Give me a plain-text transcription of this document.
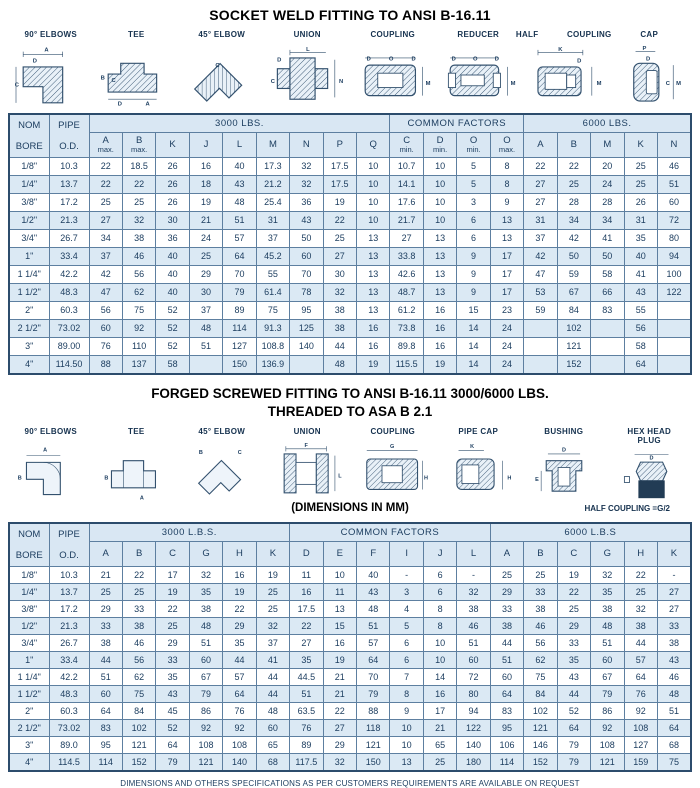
SOCKET WELD FITTING TO ANSI B-16.11
90° ELBOWS
A
D
C
TEE
B C
D	A
45° ELBOW
C
UNION
L
D
C	N
COUPLING
D	O	D
M
REDUCER
D	O	D
M
HALF COUPLING
K
D
M
CAP
P
D
C M
NOM
BORE	PIPE
O.D.	3000 LBS.									COMMON FACTORS				6000 LBS.				
		A
max.	B
max.	K	J	L	M	N	P	Q	C
min.	D
min.	O
min.	O
max.	A	B	M	K	N
1/8"	10.3	22	18.5	26	16	40	17.3	32	17.5	10	10.7	10	5	8	22	22	20	25	46
1/4"	13.7	22	22	26	18	43	21.2	32	17.5	10	14.1	10	5	8	27	25	24	25	51
3/8"	17.2	25	25	26	19	48	25.4	36	19	10	17.6	10	3	9	27	28	28	26	60
1/2"	21.3	27	32	30	21	51	31	43	22	10	21.7	10	6	13	31	34	34	31	72
3/4"	26.7	34	38	36	24	57	37	50	25	13	27	13	6	13	37	42	41	35	80
1"	33.4	37	46	40	25	64	45.2	60	27	13	33.8	13	9	17	42	50	50	40	94
1 1/4"	42.2	42	56	40	29	70	55	70	30	13	42.6	13	9	17	47	59	58	41	100
1 1/2"	48.3	47	62	40	30	79	61.4	78	32	13	48.7	13	9	17	53	67	66	43	122
2"	60.3	56	75	52	37	89	75	95	38	13	61.2	16	15	23	59	84	83	55	
2 1/2"	73.02	60	92	52	48	114	91.3	125	38	16	73.8	16	14	24		102		56	
3"	89.00	76	110	52	51	127	108.8	140	44	16	89.8	16	14	24		121		58	
4"	114.50	88	137	58		150	136.9		48	19	115.5	19	14	24		152		64	
FORGED SCREWED FITTING TO ANSI B-16.11 3000/6000 LBS.
THREADED TO ASA B 2.1
90° ELBOWS
A
B
TEE
B
A
45° ELBOW
B	C
UNION
F
L
COUPLING
G
H
PIPE CAP
K
H
BUSHING
D
E
HEX HEAD PLUG
D
(DIMENSIONS IN MM)	HALF COUPLING =G/2
NOM
BORE	PIPE
O.D.	3000 L.B.S.						COMMON FACTORS						6000 L.B.S					
		A	B	C	G	H	K	D	E	F	I	J	L	A	B	C	G	H	K
1/8"	10.3	21	22	17	32	16	19	11	10	40	-	6	-	25	25	19	32	22	-
1/4"	13.7	25	25	19	35	19	25	16	11	43	3	6	32	29	33	22	35	25	27
3/8"	17.2	29	33	22	38	22	25	17.5	13	48	4	8	38	33	38	25	38	32	27
1/2"	21.3	33	38	25	48	29	32	22	15	51	5	8	46	38	46	29	48	38	33
3/4"	26.7	38	46	29	51	35	37	27	16	57	6	10	51	44	56	33	51	44	38
1"	33.4	44	56	33	60	44	41	35	19	64	6	10	60	51	62	35	60	57	43
1 1/4"	42.2	51	62	35	67	57	44	44.5	21	70	7	14	72	60	75	43	67	64	46
1 1/2"	48.3	60	75	43	79	64	44	51	21	79	8	16	80	64	84	44	79	76	48
2"	60.3	64	84	45	86	76	48	63.5	22	88	9	17	94	83	102	52	86	92	51
2 1/2"	73.02	83	102	52	92	92	60	76	27	118	10	21	122	95	121	64	92	108	64
3"	89.0	95	121	64	108	108	65	89	29	121	10	65	140	106	146	79	108	127	68
4"	114.5	114	152	79	121	140	68	117.5	32	150	13	25	180	114	152	79	121	159	75
DIMENSIONS AND OTHERS SPECIFICATIONS AS PER CUSTOMERS REQUIREMENTS ARE AVAILABLE ON REQUEST
